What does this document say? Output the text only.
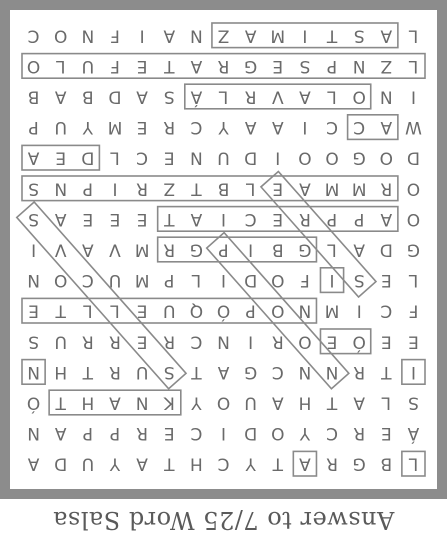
L
B
G
R
A
T
Y
C
H
T
A
Y
U
D
A
Á
E
R
C
Y
O
D
I
C
E
R
P
P
A
N
S
L
A
T
H
A
U
O
Y
K
N
A
H
T
Ó
I
T
R
N
N
C
G
A
T
S
U
R
T
H
N
E
E
Ó
E
O
R
I
N
C
R
E
R
R
U
S
F
C
I
M
N
O
P
Ó
Q
U
E
L
L
T
E
L
E
S
I
F
O
D
I
L
P
M
U
C
O
N
G
D
A
L
G
B
I
P
G
R
M
V
A
V
I
O
A
P
P
R
E
C
I
A
T
E
E
E
A
S
O
R
M
M
A
E
L
B
T
Z
R
I
P
N
S
D
O
G
O
O
I
D
U
N
E
C
L
D
E
A
W
A
C
C
I
A
A
Y
C
R
E
M
Y
U
P
I
N
O
L
A
V
R
L
Á
S
A
D
B
A
B
L
Z
N
P
S
E
G
R
A
T
E
F
U
L
O
L
A
S
T
I
M
A
Z
N
A
I
F
N
O
C
Answer to 7/25 Word Salsa
